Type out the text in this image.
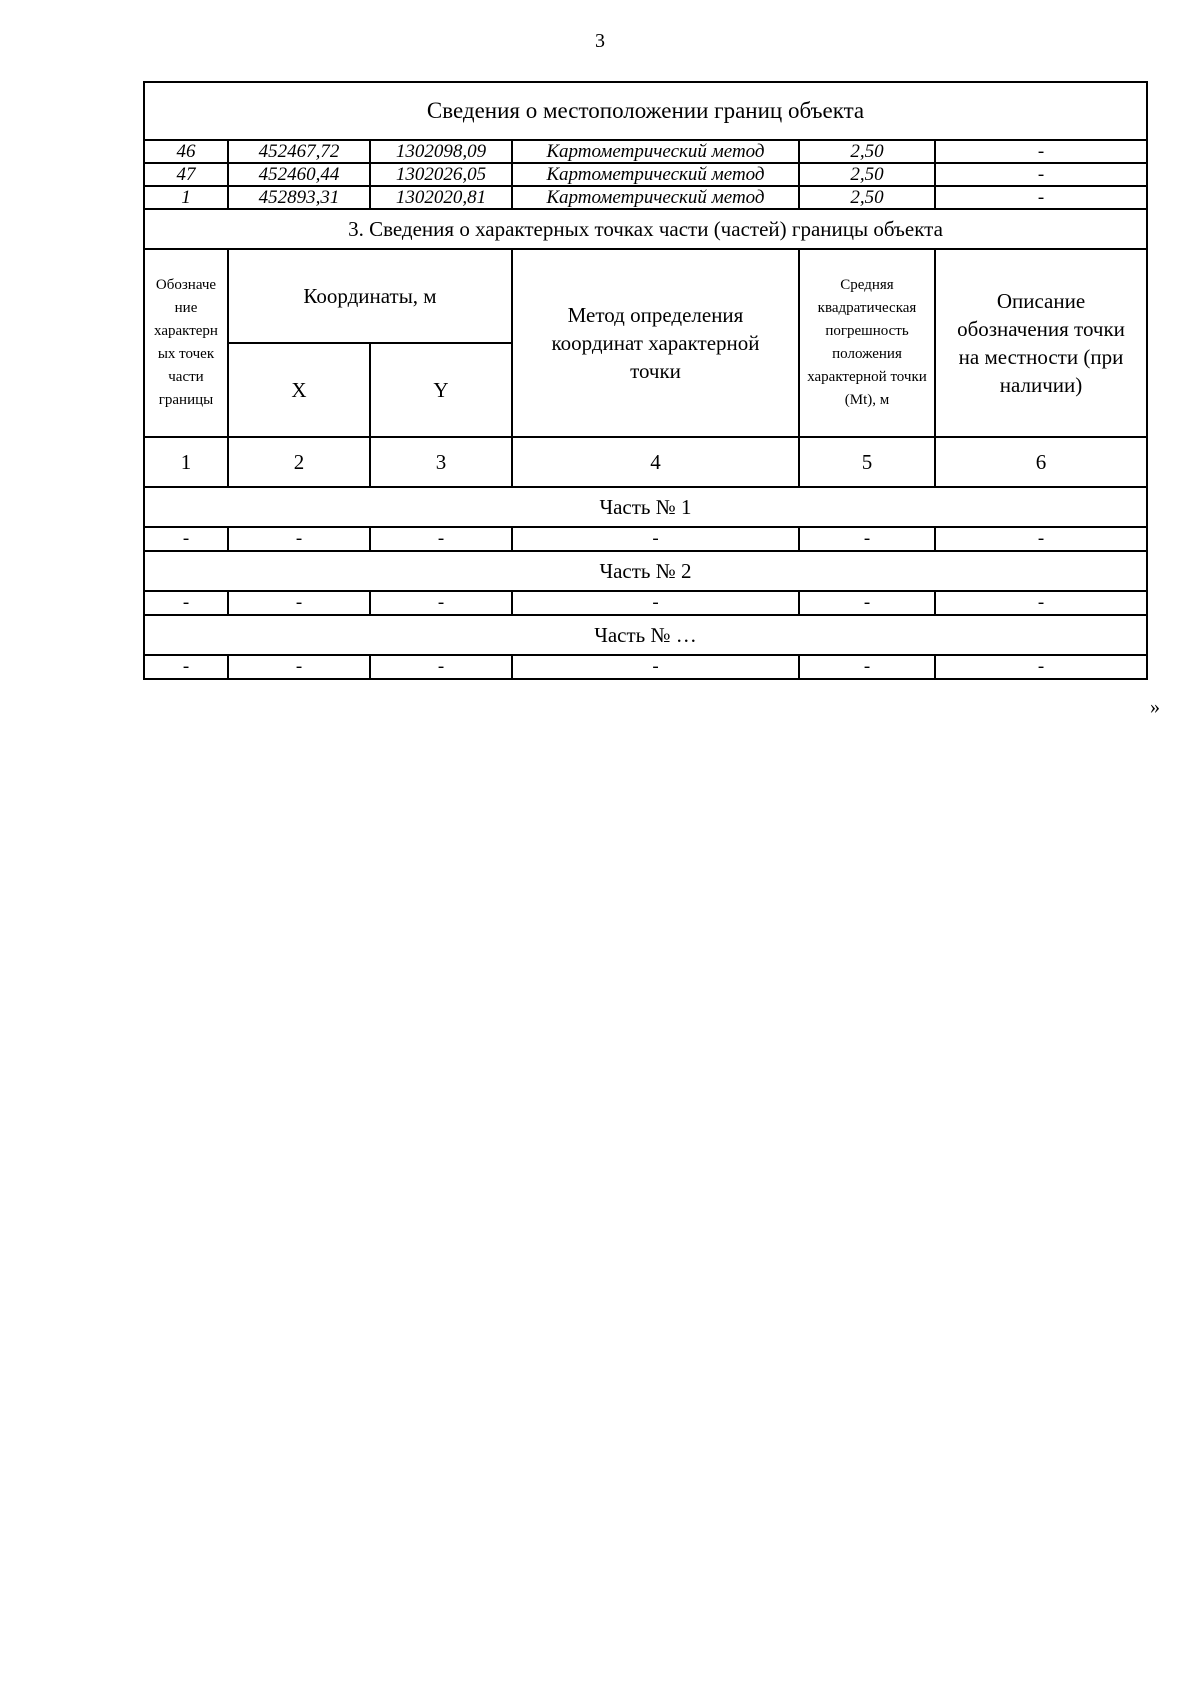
3
Сведения о местоположении границ объекта					
46	452467,72	1302098,09	Картометрический метод	2,50	-
47	452460,44	1302026,05	Картометрический метод	2,50	-
1	452893,31	1302020,81	Картометрический метод	2,50	-
3. Сведения о характерных точках части (частей) границы объекта					
Обозначе ние характерн ых точек части границы	Координаты, м		Метод определения координат характерной точки	Средняя квадратическая погрешность положения характерной точки (Mt), м	Описание обозначения точки на местности (при наличии)

	X	Y			
1	2	3	4	5	6
Часть № 1					
-	-	-	-	-	-
Часть № 2					
-	-	-	-	-	-
Часть № …					
-	-	-	-	-	-
»
